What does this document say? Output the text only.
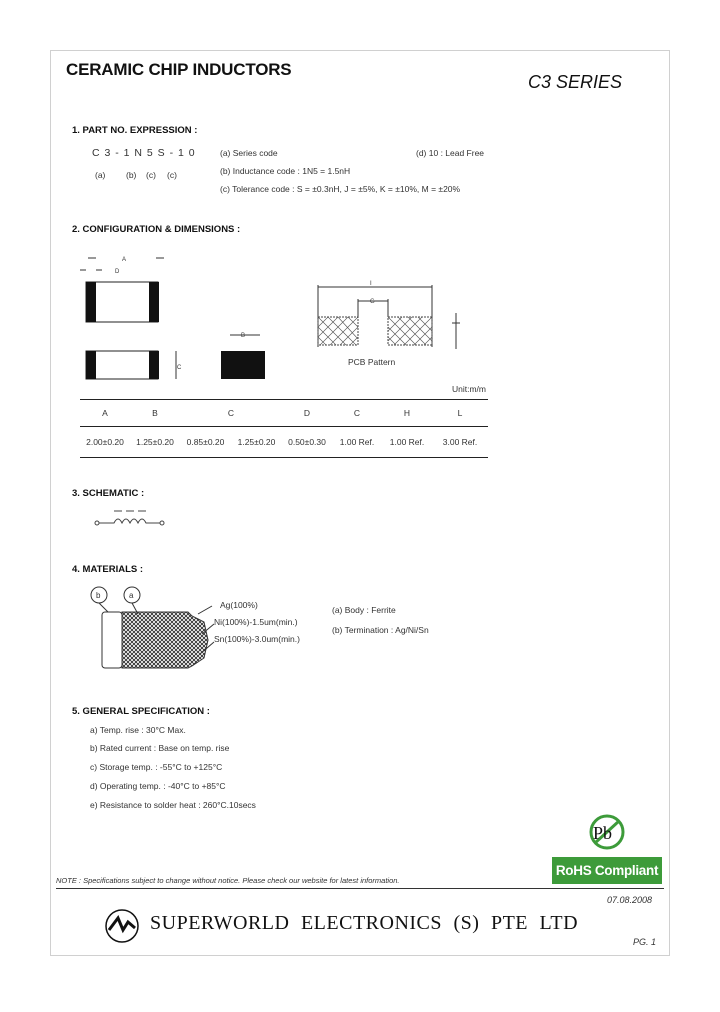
CERAMIC CHIP INDUCTORS
C3 SERIES
1. PART NO. EXPRESSION :
C 3 - 1 N 5 S - 1 0
(a) (b) (c) (c)
(a) Series code
(b) Inductance code : 1N5 = 1.5nH
(c) Tolerance code : S = ±0.3nH, J = ±5%, K = ±10%, M = ±20%
(d) 10 : Lead Free
2. CONFIGURATION & DIMENSIONS :
A
D
C
B
I
G
PCB Pattern
Unit:m/m
A	B	C		D	C	H	L
2.00±0.20	1.25±0.20	0.85±0.20	1.25±0.20	0.50±0.30	1.00 Ref.	1.00 Ref.	3.00 Ref.
3. SCHEMATIC :
4. MATERIALS :
b	a
Ag(100%)
Ni(100%)-1.5um(min.)
Sn(100%)-3.0um(min.)
(a) Body : Ferrite
(b) Termination : Ag/Ni/Sn
5. GENERAL SPECIFICATION :
a) Temp. rise : 30°C Max.
b) Rated current : Base on temp. rise
c) Storage temp. : -55°C to +125°C
d) Operating temp. : -40°C to +85°C
e) Resistance to solder heat : 260°C.10secs
Pb
RoHS Compliant
NOTE : Specifications subject to change without notice. Please check our website for latest information.
07.08.2008
SUPERWORLD ELECTRONICS (S) PTE LTD
PG. 1
